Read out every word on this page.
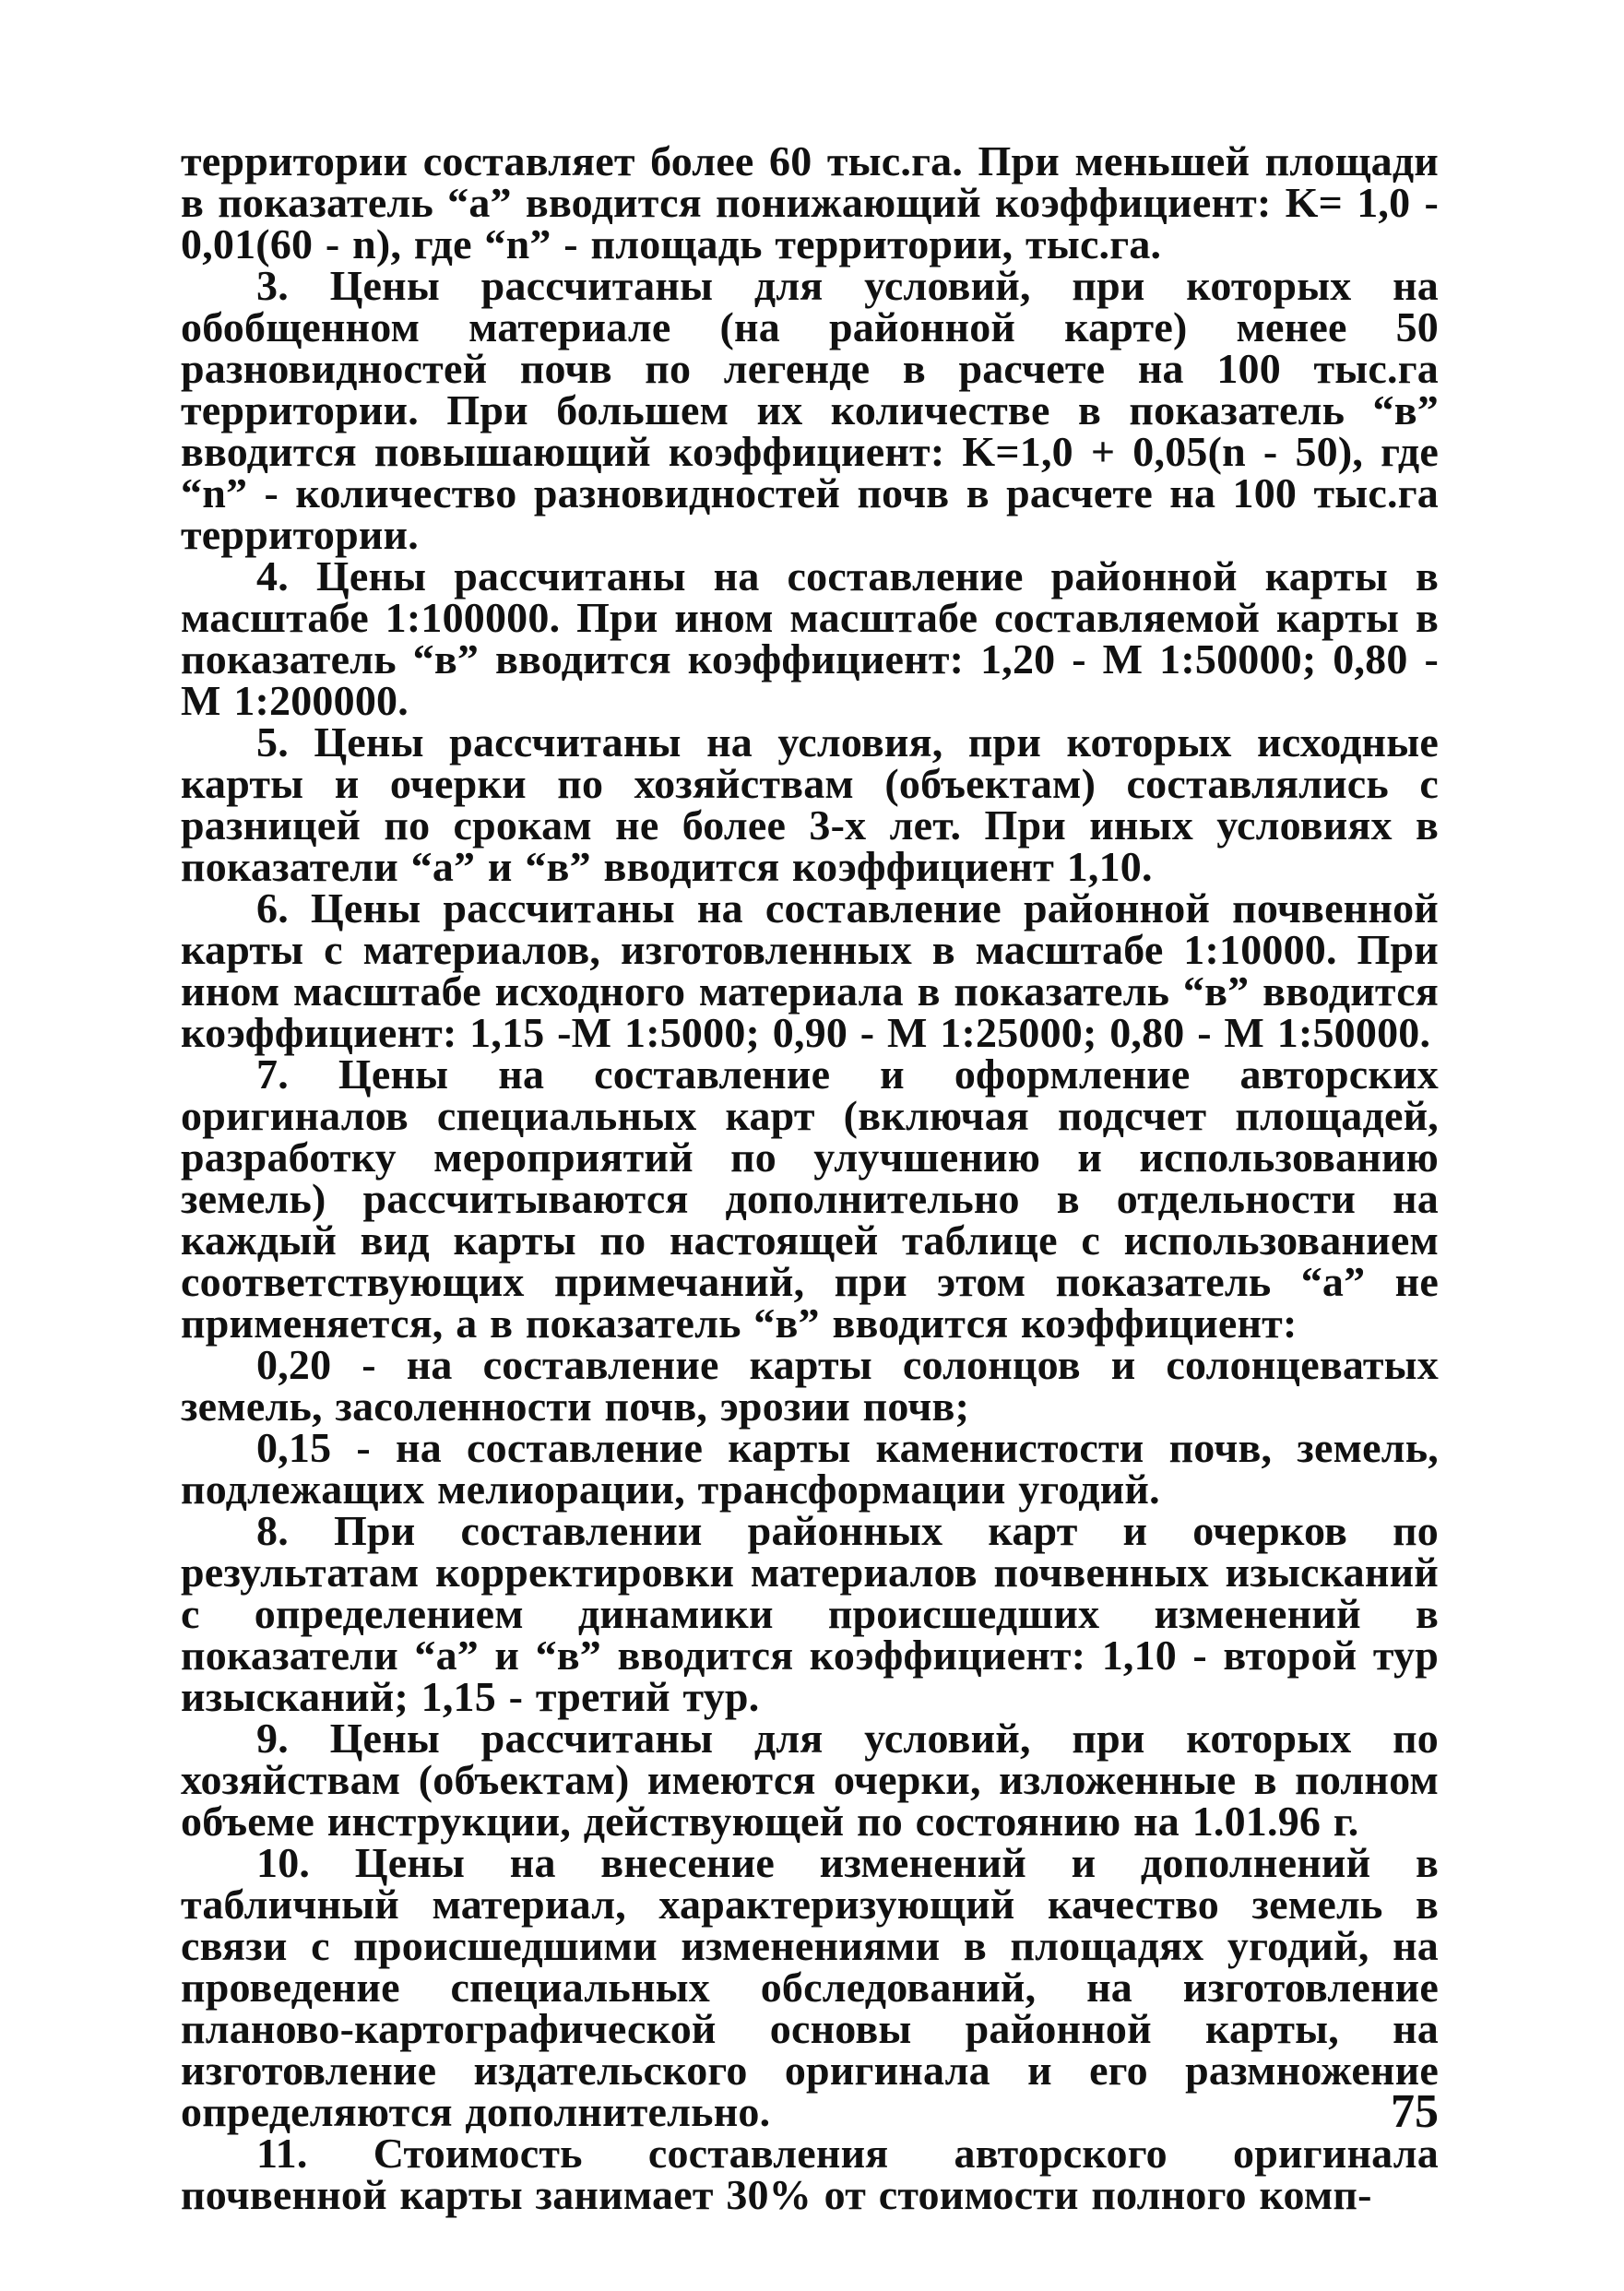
территории составляет более 60 тыс.га. При меньшей площади в показатель “а” вводится понижающий коэффициент: K= 1,0 - 0,01(60 - n), где “n” - площадь территории, тыс.га.

3. Цены рассчитаны для условий, при которых на обобщенном материале (на районной карте) менее 50 разновидностей почв по легенде в расчете на 100 тыс.га территории. При большем их количестве в показатель “в” вводится повышающий коэффициент: K=1,0 + 0,05(n - 50), где “n” - количество разновидностей почв в расчете на 100 тыс.га территории.

4. Цены рассчитаны на составление районной карты в масштабе 1:100000. При ином масштабе составляемой карты в показатель “в” вводится коэффициент: 1,20 - М 1:50000; 0,80 - М 1:200000.

5. Цены рассчитаны на условия, при которых исходные карты и очерки по хозяйствам (объектам) составлялись с разницей по срокам не более 3-х лет. При иных условиях в показатели “а” и “в” вводится коэффициент 1,10.

6. Цены рассчитаны на составление районной почвенной карты с материалов, изготовленных в масштабе 1:10000. При ином масштабе исходного материала в показатель “в” вводится коэффициент: 1,15 -М 1:5000; 0,90 - М 1:25000; 0,80 - М 1:50000.

7. Цены на составление и оформление авторских оригиналов специальных карт (включая подсчет площадей, разработку мероприятий по улучшению и использованию земель) рассчитываются дополнительно в отдельности на каждый вид карты по настоящей таблице с использованием соответствующих примечаний, при этом показатель “а” не применяется, а в показатель “в” вводится коэффициент:

0,20 - на составление карты солонцов и солонцеватых земель, засоленности почв, эрозии почв;

0,15 - на составление карты каменистости почв, земель, подлежащих мелиорации, трансформации угодий.

8. При составлении районных карт и очерков по результатам корректировки материалов почвенных изысканий с определением динамики происшедших изменений в показатели “а” и “в” вводится коэффициент: 1,10 - второй тур изысканий; 1,15 - третий тур.

9. Цены рассчитаны для условий, при которых по хозяйствам (объектам) имеются очерки, изложенные в полном объеме инструкции, действующей по состоянию на 1.01.96 г.

10. Цены на внесение изменений и дополнений в табличный материал, характеризующий качество земель в связи с происшедшими изменениями в площадях угодий, на проведение специальных обследований, на изготовление планово-картографической основы районной карты, на изготовление издательского оригинала и его размножение определяются дополнительно.

11. Стоимость составления авторского оригинала почвенной карты занимает 30% от стоимости полного комп-

75
